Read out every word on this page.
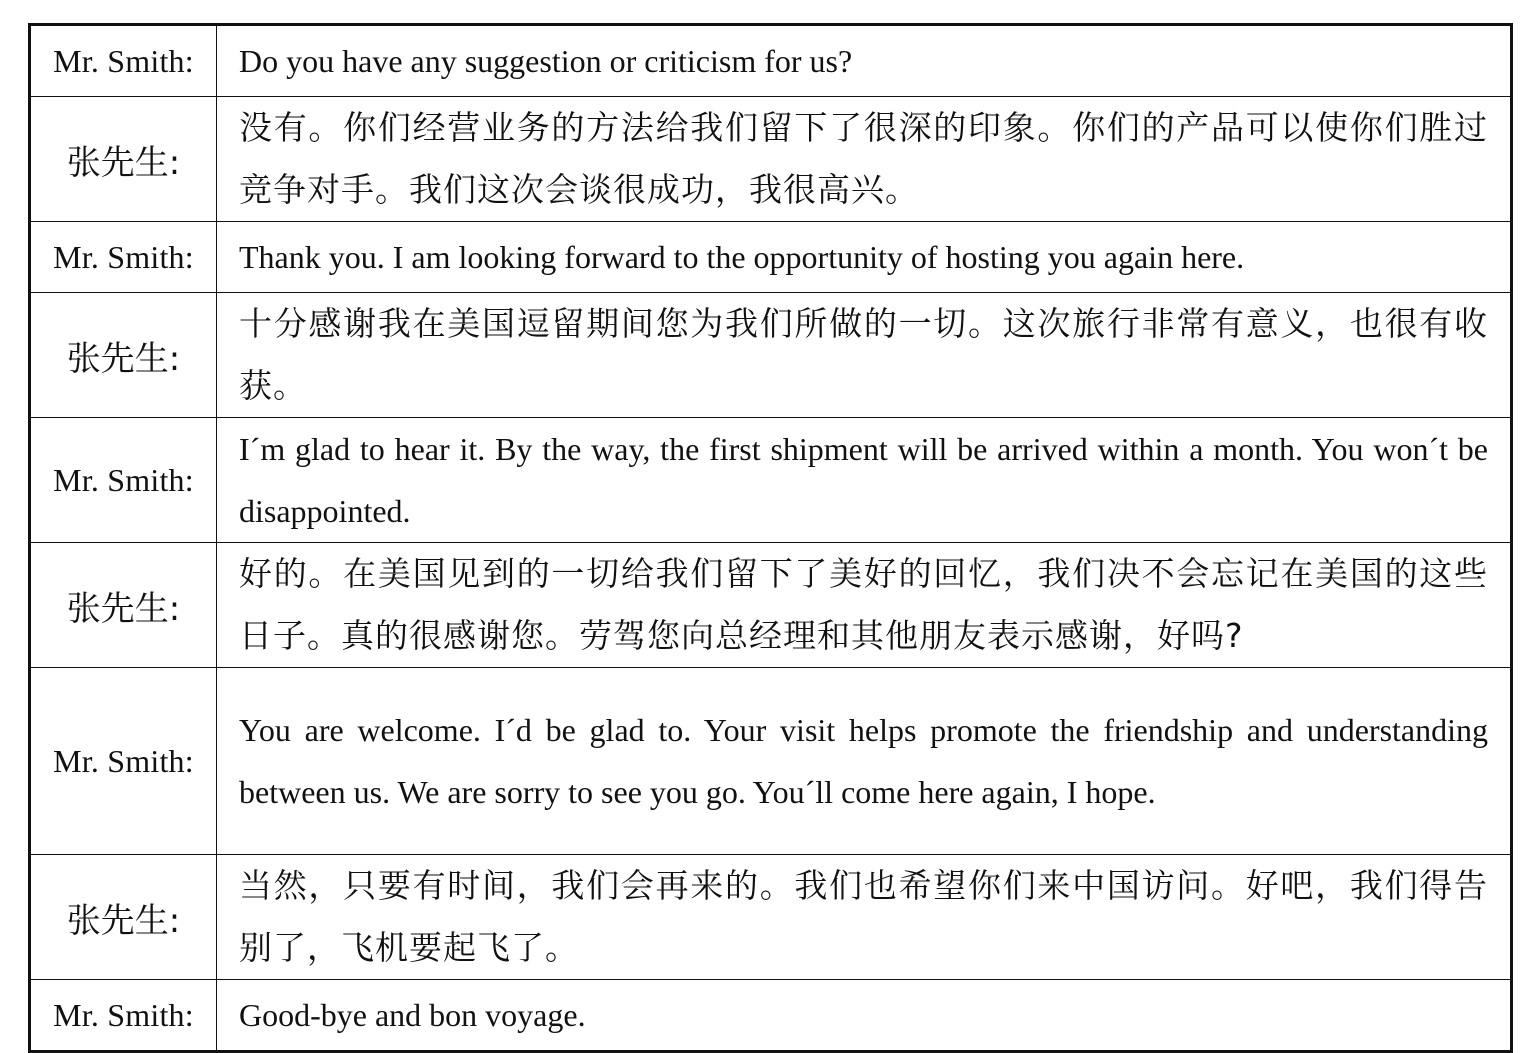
Mr. Smith:	Do you have any suggestion or criticism for us?
张先生:	没有。你们经营业务的方法给我们留下了很深的印象。你们的产品可以使你们胜过竞争对手。我们这次会谈很成功，我很高兴。
Mr. Smith:	Thank you. I am looking forward to the opportunity of hosting you again here.
张先生:	十分感谢我在美国逗留期间您为我们所做的一切。这次旅行非常有意义，也很有收获。
Mr. Smith:	I´m glad to hear it. By the way, the first shipment will be arrived within a month. You won´t be disappointed.
张先生:	好的。在美国见到的一切给我们留下了美好的回忆，我们决不会忘记在美国的这些日子。真的很感谢您。劳驾您向总经理和其他朋友表示感谢，好吗?
Mr. Smith:	You are welcome. I´d be glad to. Your visit helps promote the friendship and understanding between us. We are sorry to see you go. You´ll come here again, I hope.
张先生:	当然，只要有时间，我们会再来的。我们也希望你们来中国访问。好吧，我们得告别了，飞机要起飞了。
Mr. Smith:	Good-bye and bon voyage.
